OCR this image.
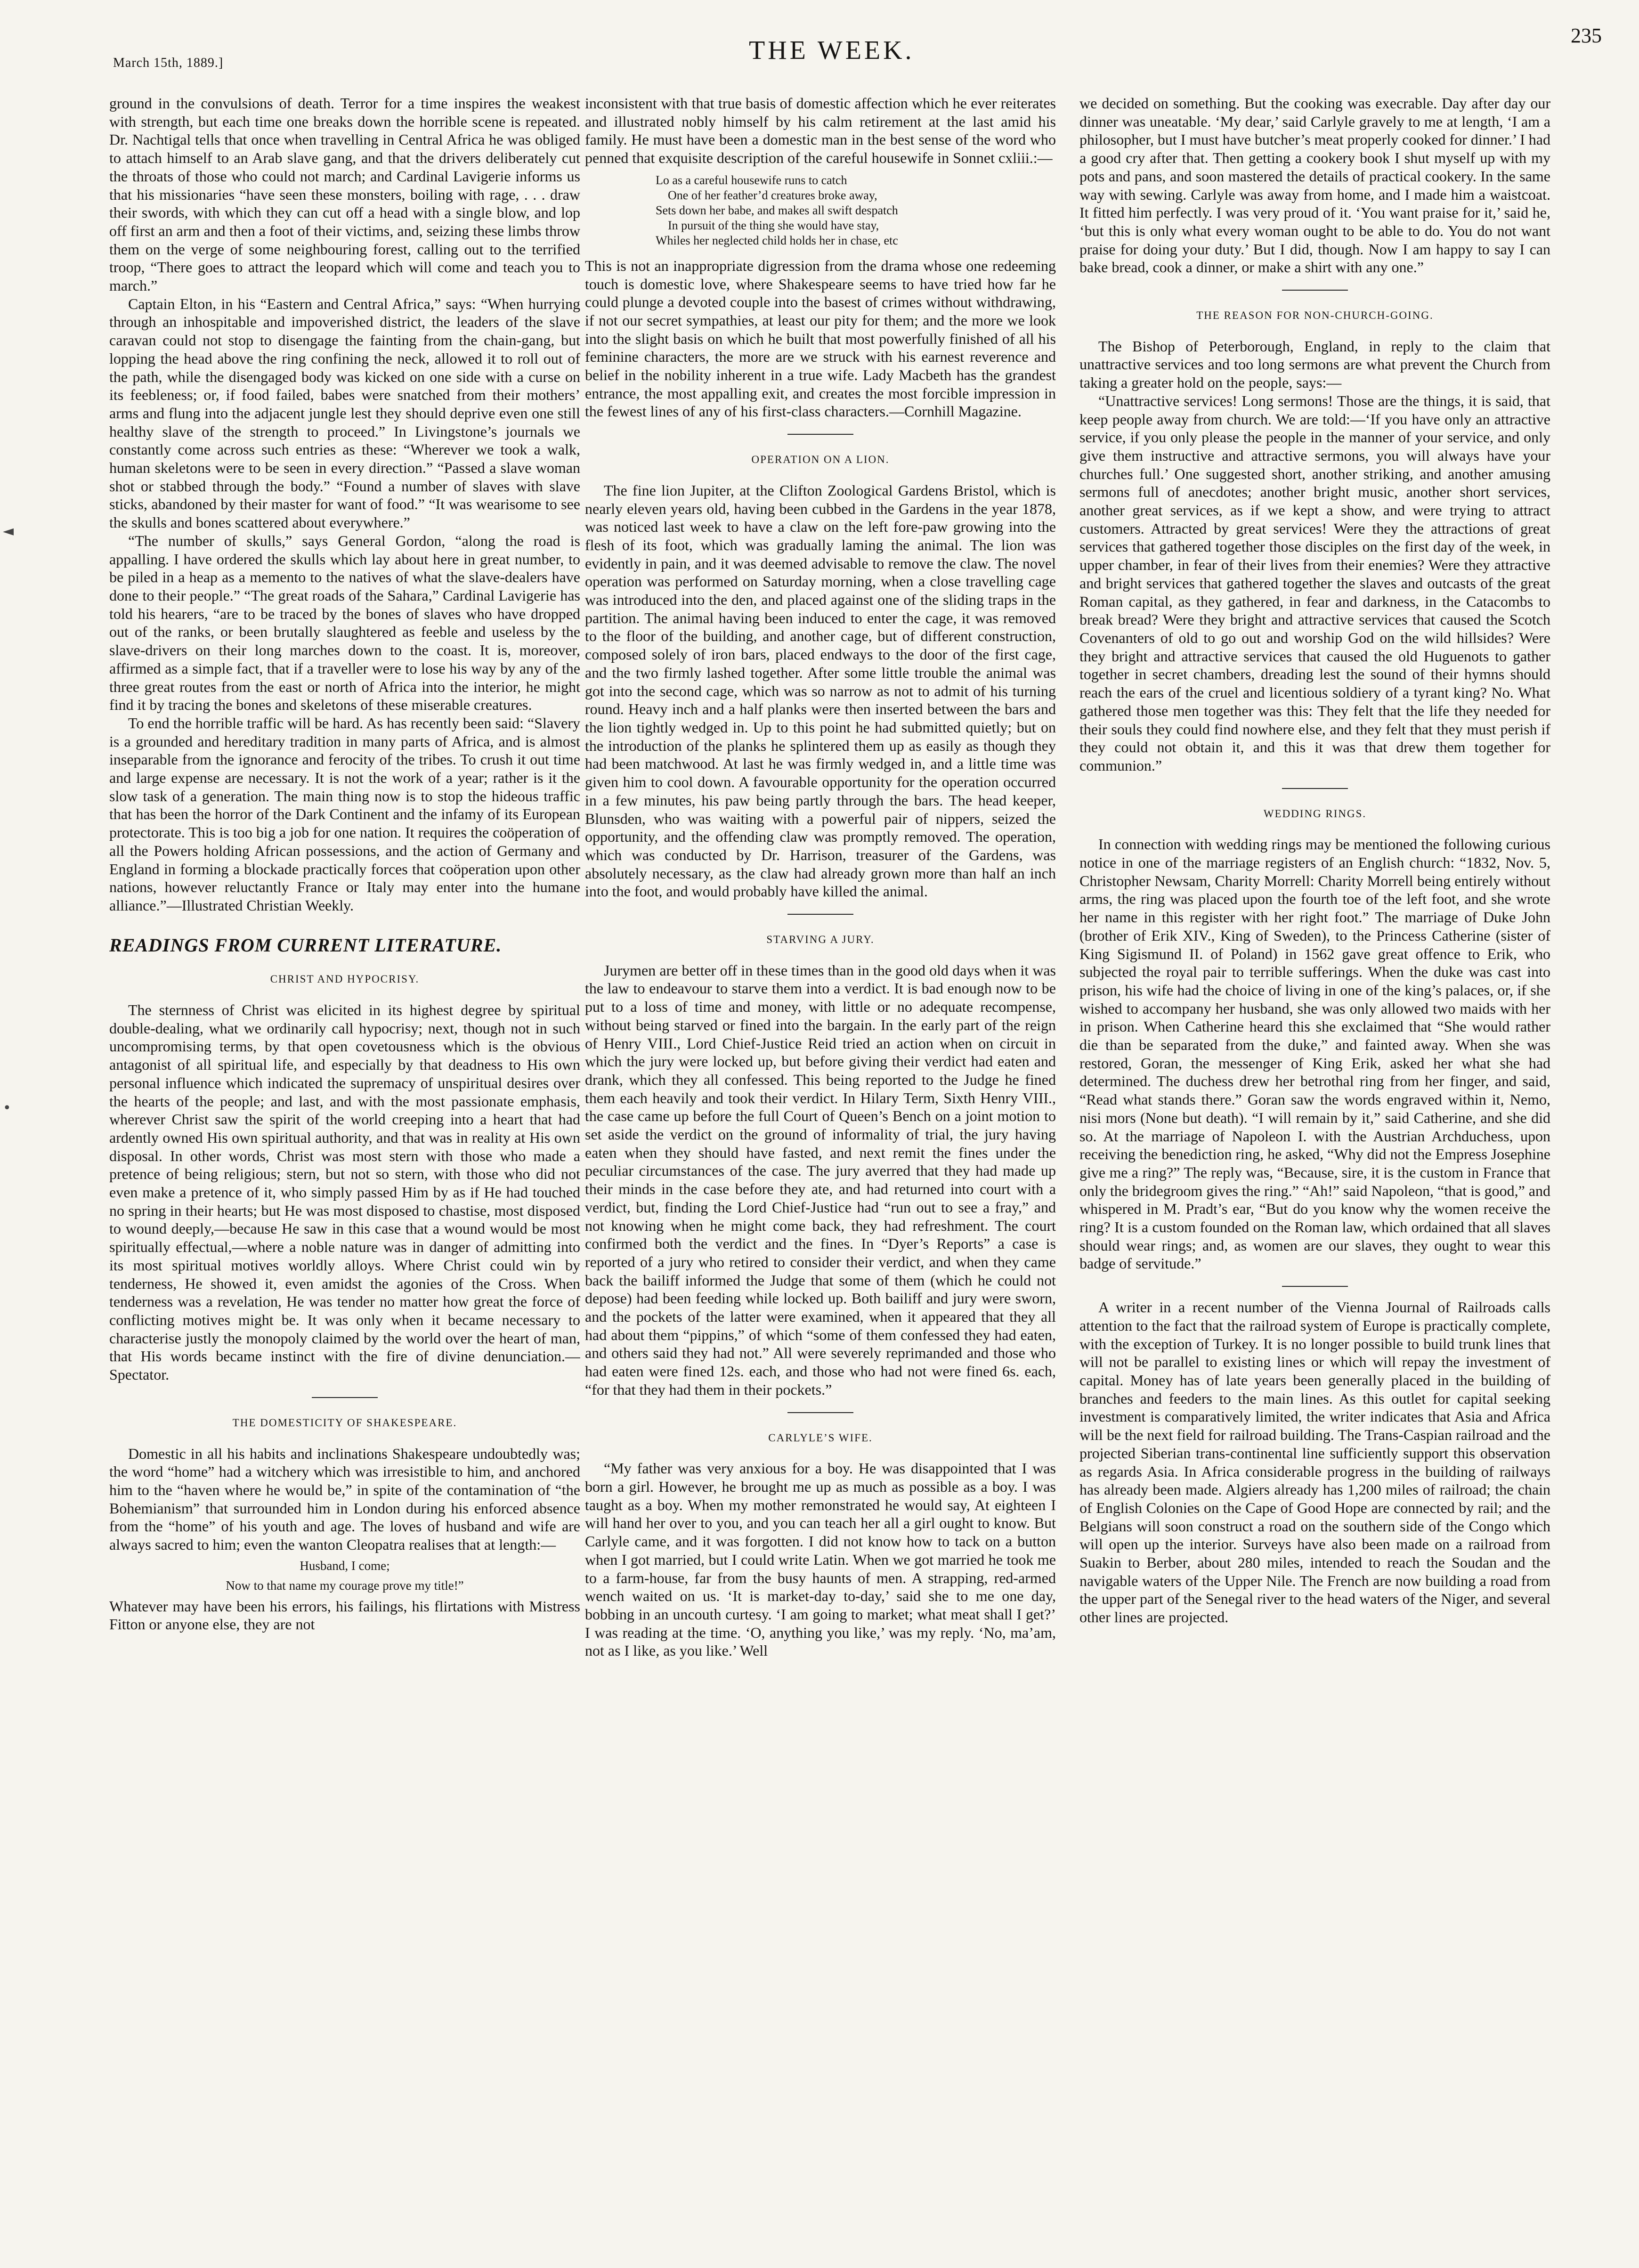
March 15th, 1889.]	THE WEEK.
235
◄
•

ground in the convulsions of death. Terror for a time inspires the weakest with strength, but each time one breaks down the horrible scene is repeated. Dr. Nachtigal tells that once when travelling in Central Africa he was obliged to attach himself to an Arab slave gang, and that the drivers deliberately cut the throats of those who could not march; and Cardinal Lavigerie informs us that his missionaries “have seen these monsters, boiling with rage, . . . draw their swords, with which they can cut off a head with a single blow, and lop off first an arm and then a foot of their victims, and, seizing these limbs throw them on the verge of some neighbouring forest, calling out to the terrified troop, “There goes to attract the leopard which will come and teach you to march.”

Captain Elton, in his “Eastern and Central Africa,” says: “When hurrying through an inhospitable and impoverished district, the leaders of the slave caravan could not stop to disengage the fainting from the chain-gang, but lopping the head above the ring confining the neck, allowed it to roll out of the path, while the disengaged body was kicked on one side with a curse on its feebleness; or, if food failed, babes were snatched from their mothers’ arms and flung into the adjacent jungle lest they should deprive even one still healthy slave of the strength to proceed.” In Livingstone’s journals we constantly come across such entries as these: “Wherever we took a walk, human skeletons were to be seen in every direction.” “Passed a slave woman shot or stabbed through the body.” “Found a number of slaves with slave sticks, abandoned by their master for want of food.” “It was wearisome to see the skulls and bones scattered about everywhere.”

“The number of skulls,” says General Gordon, “along the road is appalling. I have ordered the skulls which lay about here in great number, to be piled in a heap as a memento to the natives of what the slave-dealers have done to their people.” “The great roads of the Sahara,” Cardinal Lavigerie has told his hearers, “are to be traced by the bones of slaves who have dropped out of the ranks, or been brutally slaughtered as feeble and useless by the slave-drivers on their long marches down to the coast. It is, moreover, affirmed as a simple fact, that if a traveller were to lose his way by any of the three great routes from the east or north of Africa into the interior, he might find it by tracing the bones and skeletons of these miserable creatures.

To end the horrible traffic will be hard. As has recently been said: “Slavery is a grounded and hereditary tradition in many parts of Africa, and is almost inseparable from the ignorance and ferocity of the tribes. To crush it out time and large expense are necessary. It is not the work of a year; rather is it the slow task of a generation. The main thing now is to stop the hideous traffic that has been the horror of the Dark Continent and the infamy of its European protectorate. This is too big a job for one nation. It requires the coöperation of all the Powers holding African possessions, and the action of Germany and England in forming a blockade practically forces that coöperation upon other nations, however reluctantly France or Italy may enter into the humane alliance.”—Illustrated Christian Weekly.

READINGS FROM CURRENT LITERATURE.
CHRIST AND HYPOCRISY.

The sternness of Christ was elicited in its highest degree by spiritual double-dealing, what we ordinarily call hypocrisy; next, though not in such uncompromising terms, by that open covetousness which is the obvious antagonist of all spiritual life, and especially by that deadness to His own personal influence which indicated the supremacy of unspiritual desires over the hearts of the people; and last, and with the most passionate emphasis, wherever Christ saw the spirit of the world creeping into a heart that had ardently owned His own spiritual authority, and that was in reality at His own disposal. In other words, Christ was most stern with those who made a pretence of being religious; stern, but not so stern, with those who did not even make a pretence of it, who simply passed Him by as if He had touched no spring in their hearts; but He was most disposed to chastise, most disposed to wound deeply,—because He saw in this case that a wound would be most spiritually effectual,—where a noble nature was in danger of admitting into its most spiritual motives worldly alloys. Where Christ could win by tenderness, He showed it, even amidst the agonies of the Cross. When tenderness was a revelation, He was tender no matter how great the force of conflicting motives might be. It was only when it became necessary to characterise justly the monopoly claimed by the world over the heart of man, that His words became instinct with the fire of divine denunciation.—Spectator.

THE DOMESTICITY OF SHAKESPEARE.

Domestic in all his habits and inclinations Shakespeare undoubtedly was; the word “home” had a witchery which was irresistible to him, and anchored him to the “haven where he would be,” in spite of the contamination of “the Bohemianism” that surrounded him in London during his enforced absence from the “home” of his youth and age. The loves of husband and wife are always sacred to him; even the wanton Cleopatra realises that at length:—

Husband, I come;
Now to that name my courage prove my title!”

Whatever may have been his errors, his failings, his flirtations with Mistress Fitton or anyone else, they are not

inconsistent with that true basis of domestic affection which he ever reiterates and illustrated nobly himself by his calm retirement at the last amid his family. He must have been a domestic man in the best sense of the word who penned that exquisite description of the careful housewife in Sonnet cxliii.:—

Lo as a careful housewife runs to catch
One of her feather’d creatures broke away,
Sets down her babe, and makes all swift despatch
In pursuit of the thing she would have stay,
Whiles her neglected child holds her in chase, etc

This is not an inappropriate digression from the drama whose one redeeming touch is domestic love, where Shakespeare seems to have tried how far he could plunge a devoted couple into the basest of crimes without withdrawing, if not our secret sympathies, at least our pity for them; and the more we look into the slight basis on which he built that most powerfully finished of all his feminine characters, the more are we struck with his earnest reverence and belief in the nobility inherent in a true wife. Lady Macbeth has the grandest entrance, the most appalling exit, and creates the most forcible impression in the fewest lines of any of his first-class characters.—Cornhill Magazine.

OPERATION ON A LION.

The fine lion Jupiter, at the Clifton Zoological Gardens Bristol, which is nearly eleven years old, having been cubbed in the Gardens in the year 1878, was noticed last week to have a claw on the left fore-paw growing into the flesh of its foot, which was gradually laming the animal. The lion was evidently in pain, and it was deemed advisable to remove the claw. The novel operation was performed on Saturday morning, when a close travelling cage was introduced into the den, and placed against one of the sliding traps in the partition. The animal having been induced to enter the cage, it was removed to the floor of the building, and another cage, but of different construction, composed solely of iron bars, placed endways to the door of the first cage, and the two firmly lashed together. After some little trouble the animal was got into the second cage, which was so narrow as not to admit of his turning round. Heavy inch and a half planks were then inserted between the bars and the lion tightly wedged in. Up to this point he had submitted quietly; but on the introduction of the planks he splintered them up as easily as though they had been matchwood. At last he was firmly wedged in, and a little time was given him to cool down. A favourable opportunity for the operation occurred in a few minutes, his paw being partly through the bars. The head keeper, Blunsden, who was waiting with a powerful pair of nippers, seized the opportunity, and the offending claw was promptly removed. The operation, which was conducted by Dr. Harrison, treasurer of the Gardens, was absolutely necessary, as the claw had already grown more than half an inch into the foot, and would probably have killed the animal.

STARVING A JURY.

Jurymen are better off in these times than in the good old days when it was the law to endeavour to starve them into a verdict. It is bad enough now to be put to a loss of time and money, with little or no adequate recompense, without being starved or fined into the bargain. In the early part of the reign of Henry VIII., Lord Chief-Justice Reid tried an action when on circuit in which the jury were locked up, but before giving their verdict had eaten and drank, which they all confessed. This being reported to the Judge he fined them each heavily and took their verdict. In Hilary Term, Sixth Henry VIII., the case came up before the full Court of Queen’s Bench on a joint motion to set aside the verdict on the ground of informality of trial, the jury having eaten when they should have fasted, and next remit the fines under the peculiar circumstances of the case. The jury averred that they had made up their minds in the case before they ate, and had returned into court with a verdict, but, finding the Lord Chief-Justice had “run out to see a fray,” and not knowing when he might come back, they had refreshment. The court confirmed both the verdict and the fines. In “Dyer’s Reports” a case is reported of a jury who retired to consider their verdict, and when they came back the bailiff informed the Judge that some of them (which he could not depose) had been feeding while locked up. Both bailiff and jury were sworn, and the pockets of the latter were examined, when it appeared that they all had about them “pippins,” of which “some of them confessed they had eaten, and others said they had not.” All were severely reprimanded and those who had eaten were fined 12s. each, and those who had not were fined 6s. each, “for that they had them in their pockets.”

CARLYLE’S WIFE.

“My father was very anxious for a boy. He was disappointed that I was born a girl. However, he brought me up as much as possible as a boy. I was taught as a boy. When my mother remonstrated he would say, At eighteen I will hand her over to you, and you can teach her all a girl ought to know. But Carlyle came, and it was forgotten. I did not know how to tack on a button when I got married, but I could write Latin. When we got married he took me to a farm-house, far from the busy haunts of men. A strapping, red-armed wench waited on us. ‘It is market-day to-day,’ said she to me one day, bobbing in an uncouth curtesy. ‘I am going to market; what meat shall I get?’ I was reading at the time. ‘O, anything you like,’ was my reply. ‘No, ma’am, not as I like, as you like.’ Well

we decided on something. But the cooking was execrable. Day after day our dinner was uneatable. ‘My dear,’ said Carlyle gravely to me at length, ‘I am a philosopher, but I must have butcher’s meat properly cooked for dinner.’ I had a good cry after that. Then getting a cookery book I shut myself up with my pots and pans, and soon mastered the details of practical cookery. In the same way with sewing. Carlyle was away from home, and I made him a waistcoat. It fitted him perfectly. I was very proud of it. ‘You want praise for it,’ said he, ‘but this is only what every woman ought to be able to do. You do not want praise for doing your duty.’ But I did, though. Now I am happy to say I can bake bread, cook a dinner, or make a shirt with any one.”

THE REASON FOR NON-CHURCH-GOING.

The Bishop of Peterborough, England, in reply to the claim that unattractive services and too long sermons are what prevent the Church from taking a greater hold on the people, says:—

“Unattractive services! Long sermons! Those are the things, it is said, that keep people away from church. We are told:—‘If you have only an attractive service, if you only please the people in the manner of your service, and only give them instructive and attractive sermons, you will always have your churches full.’ One suggested short, another striking, and another amusing sermons full of anecdotes; another bright music, another short services, another great services, as if we kept a show, and were trying to attract customers. Attracted by great services! Were they the attractions of great services that gathered together those disciples on the first day of the week, in upper chamber, in fear of their lives from their enemies? Were they attractive and bright services that gathered together the slaves and outcasts of the great Roman capital, as they gathered, in fear and darkness, in the Catacombs to break bread? Were they bright and attractive services that caused the Scotch Covenanters of old to go out and worship God on the wild hillsides? Were they bright and attractive services that caused the old Huguenots to gather together in secret chambers, dreading lest the sound of their hymns should reach the ears of the cruel and licentious soldiery of a tyrant king? No. What gathered those men together was this: They felt that the life they needed for their souls they could find nowhere else, and they felt that they must perish if they could not obtain it, and this it was that drew them together for communion.”

WEDDING RINGS.

In connection with wedding rings may be mentioned the following curious notice in one of the marriage registers of an English church: “1832, Nov. 5, Christopher Newsam, Charity Morrell: Charity Morrell being entirely without arms, the ring was placed upon the fourth toe of the left foot, and she wrote her name in this register with her right foot.” The marriage of Duke John (brother of Erik XIV., King of Sweden), to the Princess Catherine (sister of King Sigismund II. of Poland) in 1562 gave great offence to Erik, who subjected the royal pair to terrible sufferings. When the duke was cast into prison, his wife had the choice of living in one of the king’s palaces, or, if she wished to accompany her husband, she was only allowed two maids with her in prison. When Catherine heard this she exclaimed that “She would rather die than be separated from the duke,” and fainted away. When she was restored, Goran, the messenger of King Erik, asked her what she had determined. The duchess drew her betrothal ring from her finger, and said, “Read what stands there.” Goran saw the words engraved within it, Nemo, nisi mors (None but death). “I will remain by it,” said Catherine, and she did so. At the marriage of Napoleon I. with the Austrian Archduchess, upon receiving the benediction ring, he asked, “Why did not the Empress Josephine give me a ring?” The reply was, “Because, sire, it is the custom in France that only the bridegroom gives the ring.” “Ah!” said Napoleon, “that is good,” and whispered in M. Pradt’s ear, “But do you know why the women receive the ring? It is a custom founded on the Roman law, which ordained that all slaves should wear rings; and, as women are our slaves, they ought to wear this badge of servitude.”

A writer in a recent number of the Vienna Journal of Railroads calls attention to the fact that the railroad system of Europe is practically complete, with the exception of Turkey. It is no longer possible to build trunk lines that will not be parallel to existing lines or which will repay the investment of capital. Money has of late years been generally placed in the building of branches and feeders to the main lines. As this outlet for capital seeking investment is comparatively limited, the writer indicates that Asia and Africa will be the next field for railroad building. The Trans-Caspian railroad and the projected Siberian trans-continental line sufficiently support this observation as regards Asia. In Africa considerable progress in the building of railways has already been made. Algiers already has 1,200 miles of railroad; the chain of English Colonies on the Cape of Good Hope are connected by rail; and the Belgians will soon construct a road on the southern side of the Congo which will open up the interior. Surveys have also been made on a railroad from Suakin to Berber, about 280 miles, intended to reach the Soudan and the navigable waters of the Upper Nile. The French are now building a road from the upper part of the Senegal river to the head waters of the Niger, and several other lines are projected.
